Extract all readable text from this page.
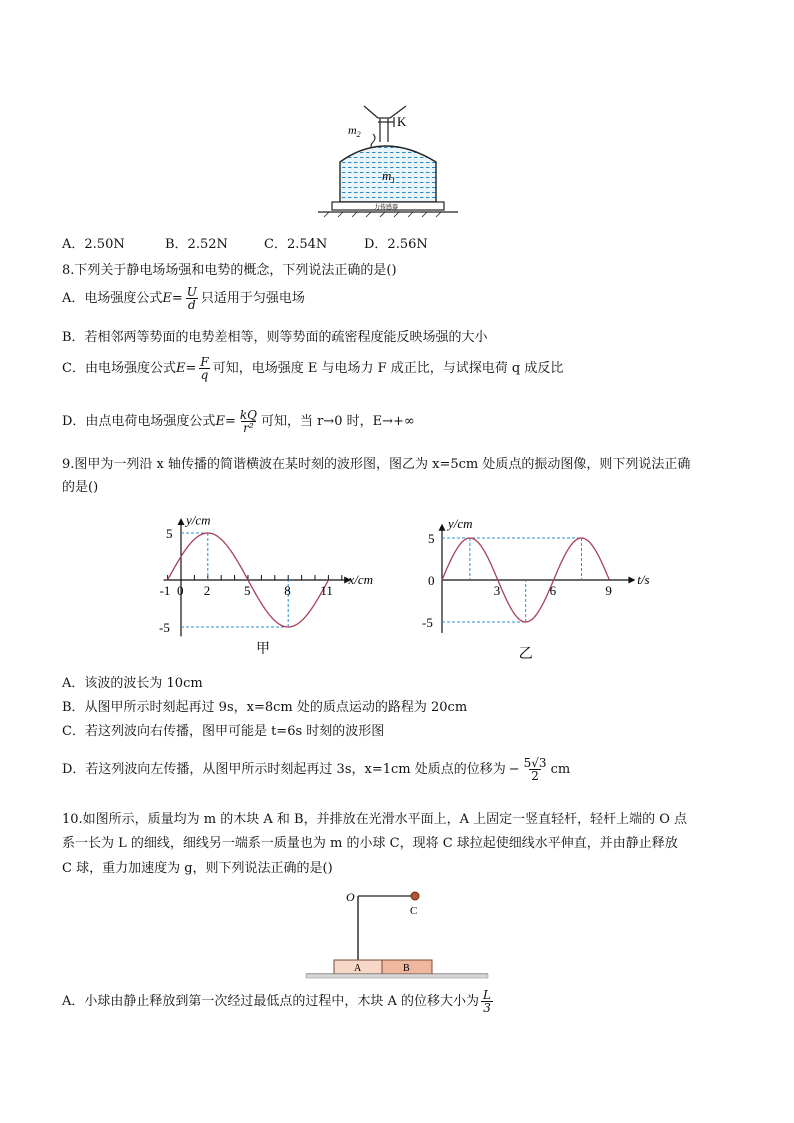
K
$m_2$
$m_1$
力传感器
A．2.50N	B．2.52N	C．2.54N	D．2.56N
8.下列关于静电场场强和电势的概念，下列说法正确的是()
A．电场强度公式 $E = \frac{U}{d}$ 只适用于匀强电场
B．若相邻两等势面的电势差相等，则等势面的疏密程度能反映场强的大小
C．由电场强度公式 $E = \frac{F}{q}$ 可知，电场强度 E 与电场力 F 成正比，与试探电荷 q 成反比
D．由点电荷电场强度公式 $E = \frac{kQ}{\text{r²}}$ 可知，当 r→0 时，E→+∞
9.图甲为一列沿 x 轴传播的简谐横波在某时刻的波形图，图乙为 x=5cm 处质点的振动图像，则下列说法正确
的是()
-1 0 2	5	8 11
5
-5
y/cm
x/cm
甲
3	6	9
5
0
-5
y/cm
t/s
乙
A．该波的波长为 10cm
B．从图甲所示时刻起再过 9s，x=8cm 处的质点运动的路程为 20cm
C．若这列波向右传播，图甲可能是 t=6s 时刻的波形图
D．若这列波向左传播，从图甲所示时刻起再过 3s，x=1cm 处质点的位移为 − $\frac{5√3}{2}$ cm
10.如图所示，质量均为 m 的木块 A 和 B，并排放在光滑水平面上，A 上固定一竖直轻杆，轻杆上端的 O 点
系一长为 L 的细线，细线另一端系一质量也为 m 的小球 C，现将 C 球拉起使细线水平伸直，并由静止释放
C 球，重力加速度为 g，则下列说法正确的是()
O
C
A	B
A．小球由静止释放到第一次经过最低点的过程中，木块 A 的位移大小为 $\frac{L}{3}$
